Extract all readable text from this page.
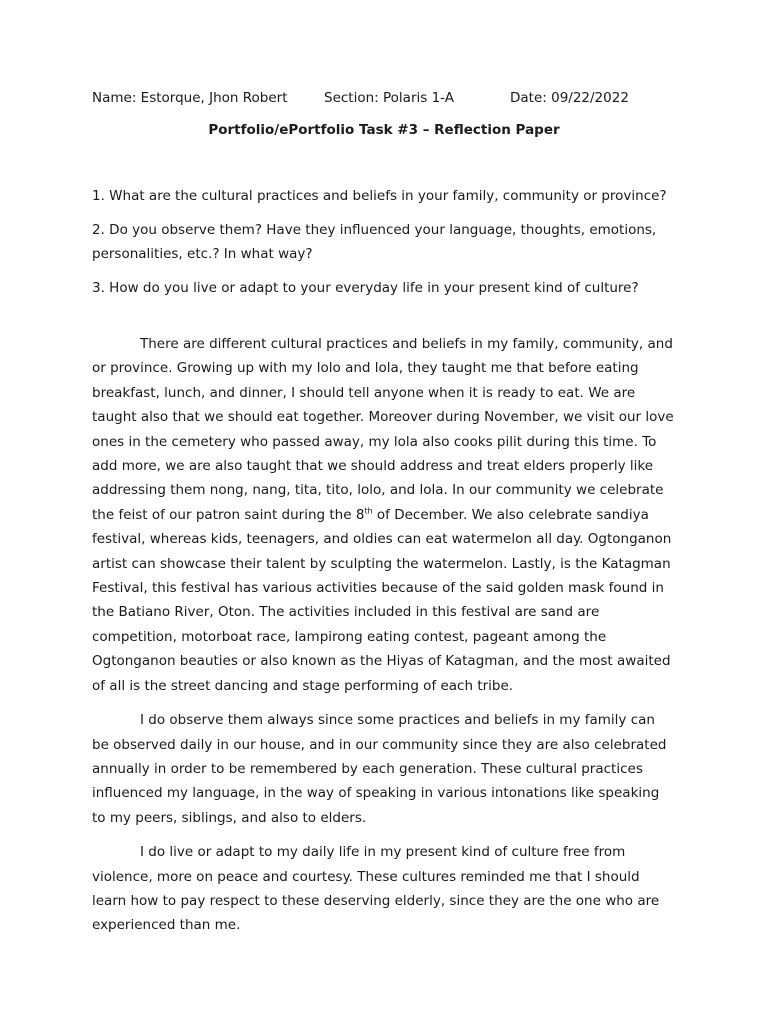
Name: Estorque, Jhon Robert	Section: Polaris 1-A	Date: 09/22/2022
Portfolio/ePortfolio Task #3 – Reflection Paper

1. What are the cultural practices and beliefs in your family, community or province?

2. Do you observe them? Have they influenced your language, thoughts, emotions, personalities, etc.? In what way?

3. How do you live or adapt to your everyday life in your present kind of culture?

There are different cultural practices and beliefs in my family, community, and or province. Growing up with my lolo and lola, they taught me that before eating breakfast, lunch, and dinner, I should tell anyone when it is ready to eat. We are taught also that we should eat together. Moreover during November, we visit our love ones in the cemetery who passed away, my lola also cooks pilit during this time. To add more, we are also taught that we should address and treat elders properly like addressing them nong, nang, tita, tito, lolo, and lola. In our community we celebrate the feist of our patron saint during the 8th of December. We also celebrate sandiya festival, whereas kids, teenagers, and oldies can eat watermelon all day. Ogtonganon artist can showcase their talent by sculpting the watermelon. Lastly, is the Katagman Festival, this festival has various activities because of the said golden mask found in the Batiano River, Oton. The activities included in this festival are sand are competition, motorboat race, lampirong eating contest, pageant among the Ogtonganon beauties or also known as the Hiyas of Katagman, and the most awaited of all is the street dancing and stage performing of each tribe.

I do observe them always since some practices and beliefs in my family can be observed daily in our house, and in our community since they are also celebrated annually in order to be remembered by each generation. These cultural practices influenced my language, in the way of speaking in various intonations like speaking to my peers, siblings, and also to elders.

I do live or adapt to my daily life in my present kind of culture free from violence, more on peace and courtesy. These cultures reminded me that I should learn how to pay respect to these deserving elderly, since they are the one who are experienced than me.
